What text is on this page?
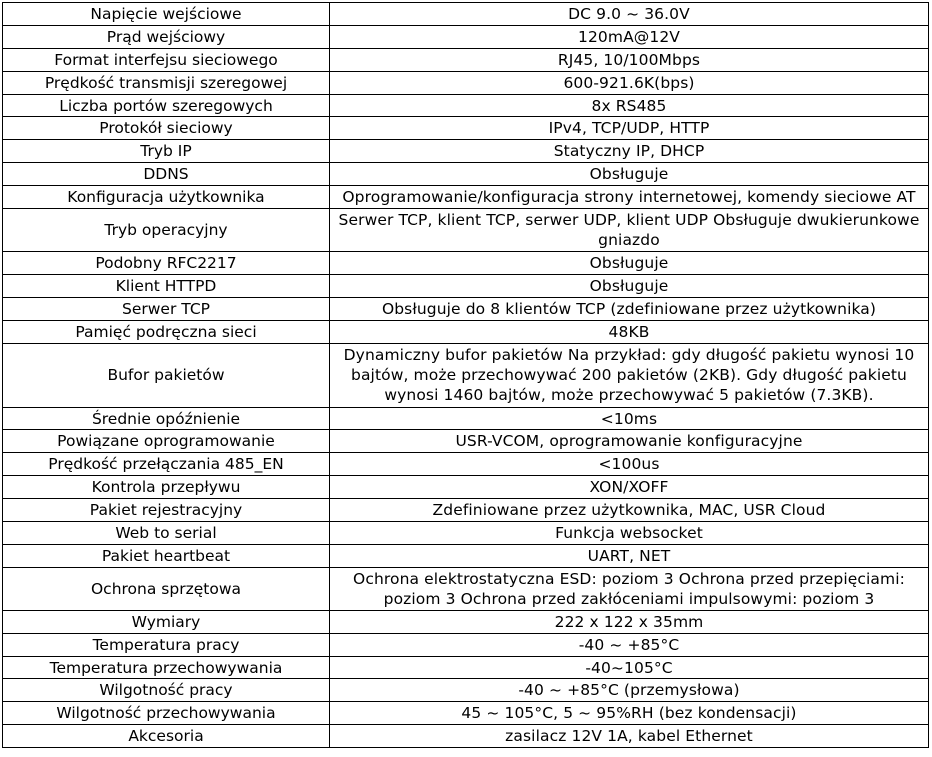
Napięcie wejściowe	DC 9.0 ~ 36.0V
Prąd wejściowy	120mA@12V
Format interfejsu sieciowego	RJ45, 10/100Mbps
Prędkość transmisji szeregowej	600-921.6K(bps)
Liczba portów szeregowych	8x RS485
Protokół sieciowy	IPv4, TCP/UDP, HTTP
Tryb IP	Statyczny IP, DHCP
DDNS	Obsługuje
Konfiguracja użytkownika	Oprogramowanie/konfiguracja strony internetowej, komendy sieciowe AT
Tryb operacyjny	Serwer TCP, klient TCP, serwer UDP, klient UDP Obsługuje dwukierunkowe gniazdo
Podobny RFC2217	Obsługuje
Klient HTTPD	Obsługuje
Serwer TCP	Obsługuje do 8 klientów TCP (zdefiniowane przez użytkownika)
Pamięć podręczna sieci	48KB
Bufor pakietów	Dynamiczny bufor pakietów Na przykład: gdy długość pakietu wynosi 10 bajtów, może przechowywać 200 pakietów (2KB). Gdy długość pakietu wynosi 1460 bajtów, może przechowywać 5 pakietów (7.3KB).
Średnie opóźnienie	<10ms
Powiązane oprogramowanie	USR-VCOM, oprogramowanie konfiguracyjne
Prędkość przełączania 485_EN	<100us
Kontrola przepływu	XON/XOFF
Pakiet rejestracyjny	Zdefiniowane przez użytkownika, MAC, USR Cloud
Web to serial	Funkcja websocket
Pakiet heartbeat	UART, NET
Ochrona sprzętowa	Ochrona elektrostatyczna ESD: poziom 3 Ochrona przed przepięciami: poziom 3 Ochrona przed zakłóceniami impulsowymi: poziom 3
Wymiary	222 x 122 x 35mm
Temperatura pracy	-40 ~ +85°C
Temperatura przechowywania	-40~105°C
Wilgotność pracy	-40 ~ +85°C (przemysłowa)
Wilgotność przechowywania	45 ~ 105°C, 5 ~ 95%RH (bez kondensacji)
Akcesoria	zasilacz 12V 1A, kabel Ethernet
